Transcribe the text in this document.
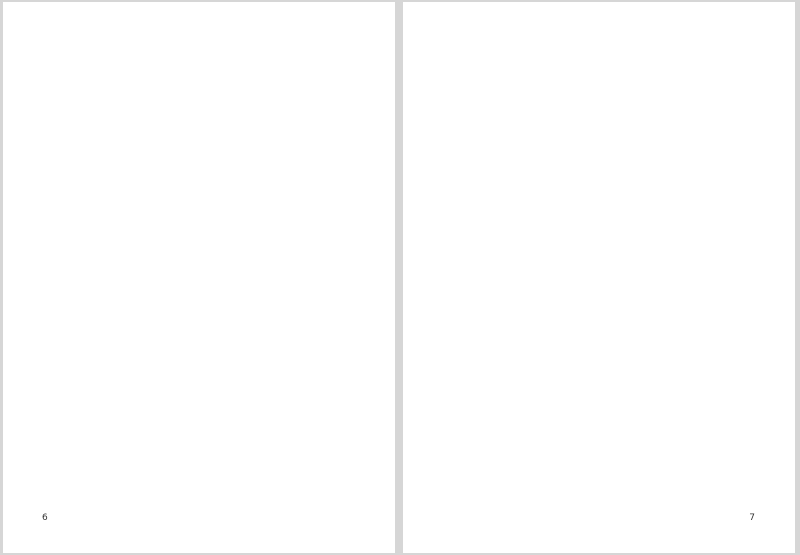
6	7
